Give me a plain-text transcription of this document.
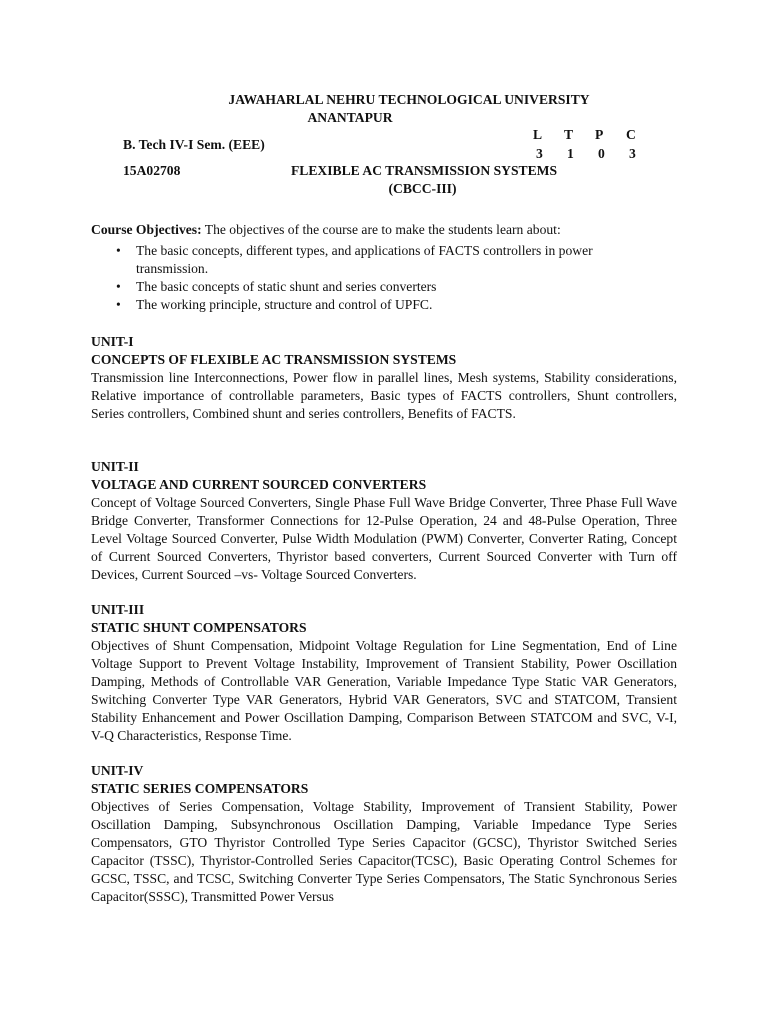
JAWAHARLAL NEHRU TECHNOLOGICAL UNIVERSITY
ANANTAPUR
L T P C
B. Tech IV-I Sem. (EEE)
3 1 0 3
15A02708	FLEXIBLE AC TRANSMISSION SYSTEMS
(CBCC-III)
Course Objectives: The objectives of the course are to make the students learn about:
• The basic concepts, different types, and applications of FACTS controllers in power transmission.
• The basic concepts of static shunt and series converters
• The working principle, structure and control of UPFC.
UNIT-I
CONCEPTS OF FLEXIBLE AC TRANSMISSION SYSTEMS
Transmission line Interconnections, Power flow in parallel lines, Mesh systems, Stability considerations, Relative importance of controllable parameters, Basic types of FACTS controllers, Shunt controllers, Series controllers, Combined shunt and series controllers, Benefits of FACTS.
UNIT-II
VOLTAGE AND CURRENT SOURCED CONVERTERS
Concept of Voltage Sourced Converters, Single Phase Full Wave Bridge Converter, Three Phase Full Wave Bridge Converter, Transformer Connections for 12-Pulse Operation, 24 and 48-Pulse Operation, Three Level Voltage Sourced Converter, Pulse Width Modulation (PWM) Converter, Converter Rating, Concept of Current Sourced Converters, Thyristor based converters, Current Sourced Converter with Turn off Devices, Current Sourced –vs- Voltage Sourced Converters.
UNIT-III
STATIC SHUNT COMPENSATORS
Objectives of Shunt Compensation, Midpoint Voltage Regulation for Line Segmentation, End of Line Voltage Support to Prevent Voltage Instability, Improvement of Transient Stability, Power Oscillation Damping, Methods of Controllable VAR Generation, Variable Impedance Type Static VAR Generators, Switching Converter Type VAR Generators, Hybrid VAR Generators, SVC and STATCOM, Transient Stability Enhancement and Power Oscillation Damping, Comparison Between STATCOM and SVC, V-I, V-Q Characteristics, Response Time.
UNIT-IV
STATIC SERIES COMPENSATORS
Objectives of Series Compensation, Voltage Stability, Improvement of Transient Stability, Power Oscillation Damping, Subsynchronous Oscillation Damping, Variable Impedance Type Series Compensators, GTO Thyristor Controlled Type Series Capacitor (GCSC), Thyristor Switched Series Capacitor (TSSC), Thyristor-Controlled Series Capacitor(TCSC), Basic Operating Control Schemes for GCSC, TSSC, and TCSC, Switching Converter Type Series Compensators, The Static Synchronous Series Capacitor(SSSC), Transmitted Power Versus
